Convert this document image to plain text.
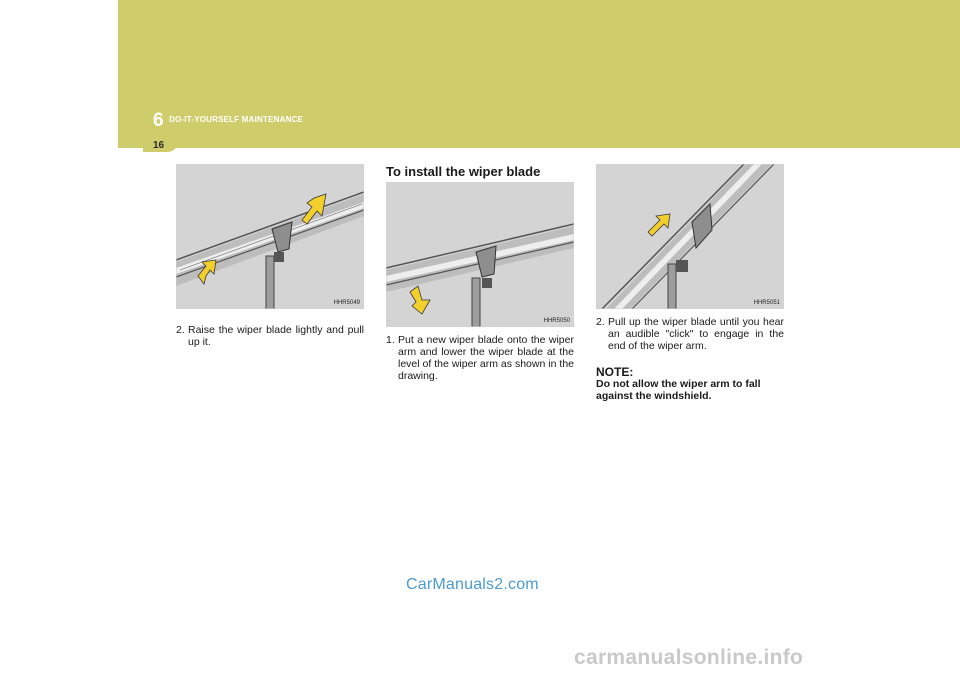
6 DO-IT-YOURSELF MAINTENANCE
16
HHR5049
HHR5050
HHR5051
2. Raise the wiper blade lightly and pull up it.
To install the wiper blade
1. Put a new wiper blade onto the wiper arm and lower the wiper blade at the level of the wiper arm as shown in the drawing.
2. Pull up the wiper blade until you hear an audible "click" to engage in the end of the wiper arm.
NOTE:
Do not allow the wiper arm to fall against the windshield.
CarManuals2.com
carmanualsonline.info
